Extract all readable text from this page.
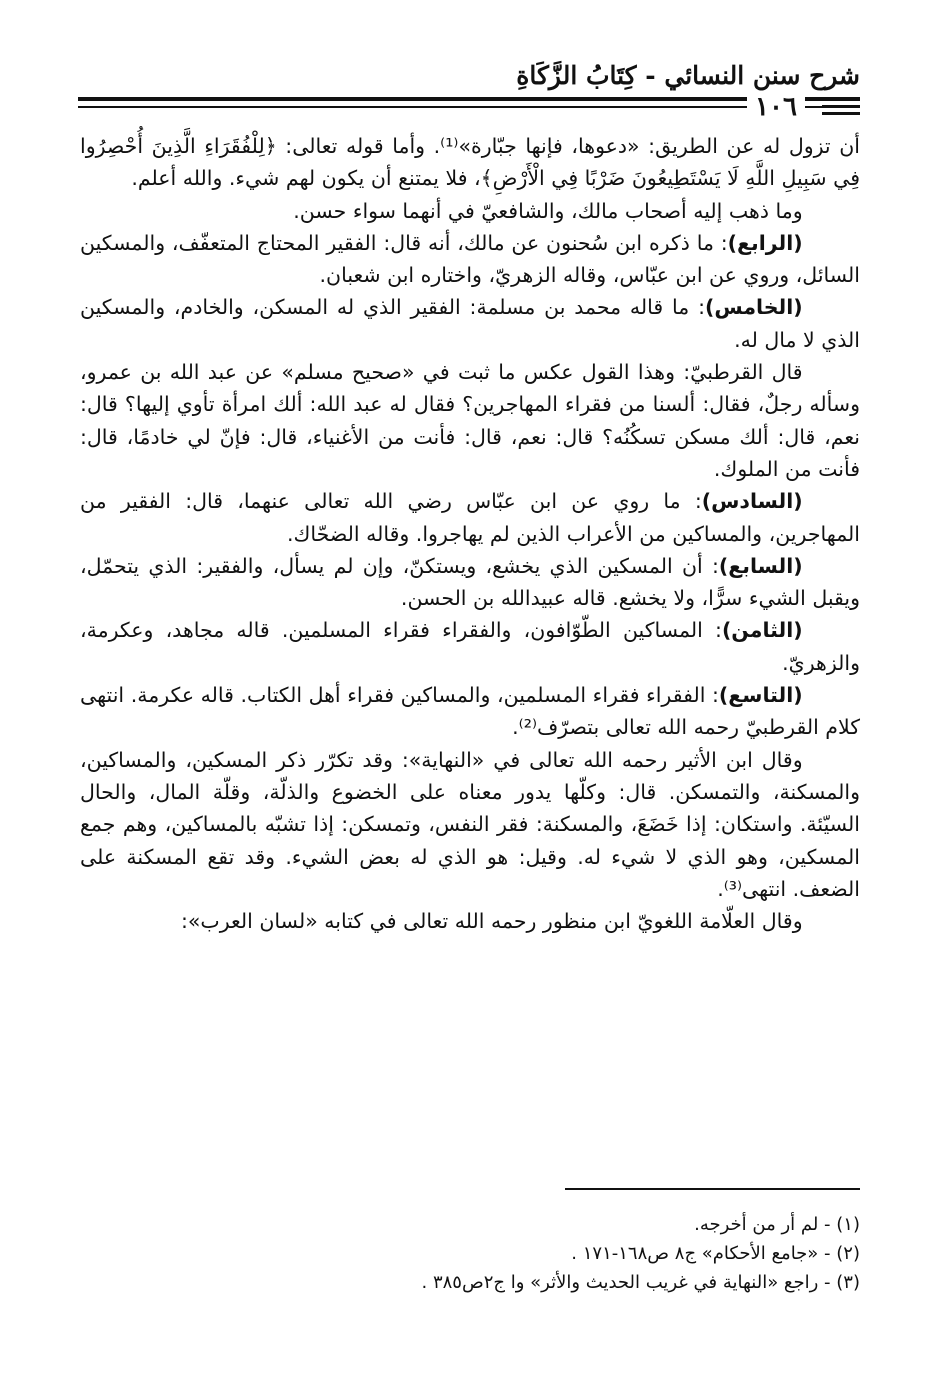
شرح سنن النسائي - كِتَابُ الزَّكَاةِ
١٠٦

أن تزول له عن الطريق: «دعوها، فإنها جبّارة»⁽¹⁾. وأما قوله تعالى: ﴿لِلْفُقَرَاءِ الَّذِينَ أُحْصِرُوا فِي سَبِيلِ اللَّهِ لَا يَسْتَطِيعُونَ ضَرْبًا فِي الْأَرْضِ﴾، فلا يمتنع أن يكون لهم شيء. والله أعلم.

وما ذهب إليه أصحاب مالك، والشافعيّ في أنهما سواء حسن.

(الرابع): ما ذكره ابن سُحنون عن مالك، أنه قال: الفقير المحتاج المتعفّف، والمسكين السائل، وروي عن ابن عبّاس، وقاله الزهريّ، واختاره ابن شعبان.

(الخامس): ما قاله محمد بن مسلمة: الفقير الذي له المسكن، والخادم، والمسكين الذي لا مال له.

قال القرطبيّ: وهذا القول عكس ما ثبت في «صحيح مسلم» عن عبد الله بن عمرو، وسأله رجلٌ، فقال: ألسنا من فقراء المهاجرين؟ فقال له عبد الله: ألك امرأة تأوي إليها؟ قال: نعم، قال: ألك مسكن تسكُنُه؟ قال: نعم، قال: فأنت من الأغنياء، قال: فإنّ لي خادمًا، قال: فأنت من الملوك.

(السادس): ما روي عن ابن عبّاس رضي الله تعالى عنهما، قال: الفقير من المهاجرين، والمساكين من الأعراب الذين لم يهاجروا. وقاله الضحّاك.

(السابع): أن المسكين الذي يخشع، ويستكنّ، وإن لم يسأل، والفقير: الذي يتحمّل، ويقبل الشيء سرًّا، ولا يخشع. قاله عبيدالله بن الحسن.

(الثامن): المساكين الطّوّافون، والفقراء فقراء المسلمين. قاله مجاهد، وعكرمة، والزهريّ.

(التاسع): الفقراء فقراء المسلمين، والمساكين فقراء أهل الكتاب. قاله عكرمة. انتهى كلام القرطبيّ رحمه الله تعالى بتصرّف⁽²⁾.

وقال ابن الأثير رحمه الله تعالى في «النهاية»: وقد تكرّر ذكر المسكين، والمساكين، والمسكنة، والتمسكن. قال: وكلّها يدور معناه على الخضوع والذلّة، وقلّة المال، والحال السيّئة. واستكان: إذا خَضَعَ، والمسكنة: فقر النفس، وتمسكن: إذا تشبّه بالمساكين، وهم جمع المسكين، وهو الذي لا شيء له. وقيل: هو الذي له بعض الشيء. وقد تقع المسكنة على الضعف. انتهى⁽³⁾.

وقال العلّامة اللغويّ ابن منظور رحمه الله تعالى في كتابه «لسان العرب»:

(١) - لم أر من أخرجه.

(٢) - «جامع الأحكام» ج٨ ص١٦٨-١٧١ .

(٣) - راجع «النهاية في غريب الحديث والأثر» وا ج٢ص٣٨٥ .
